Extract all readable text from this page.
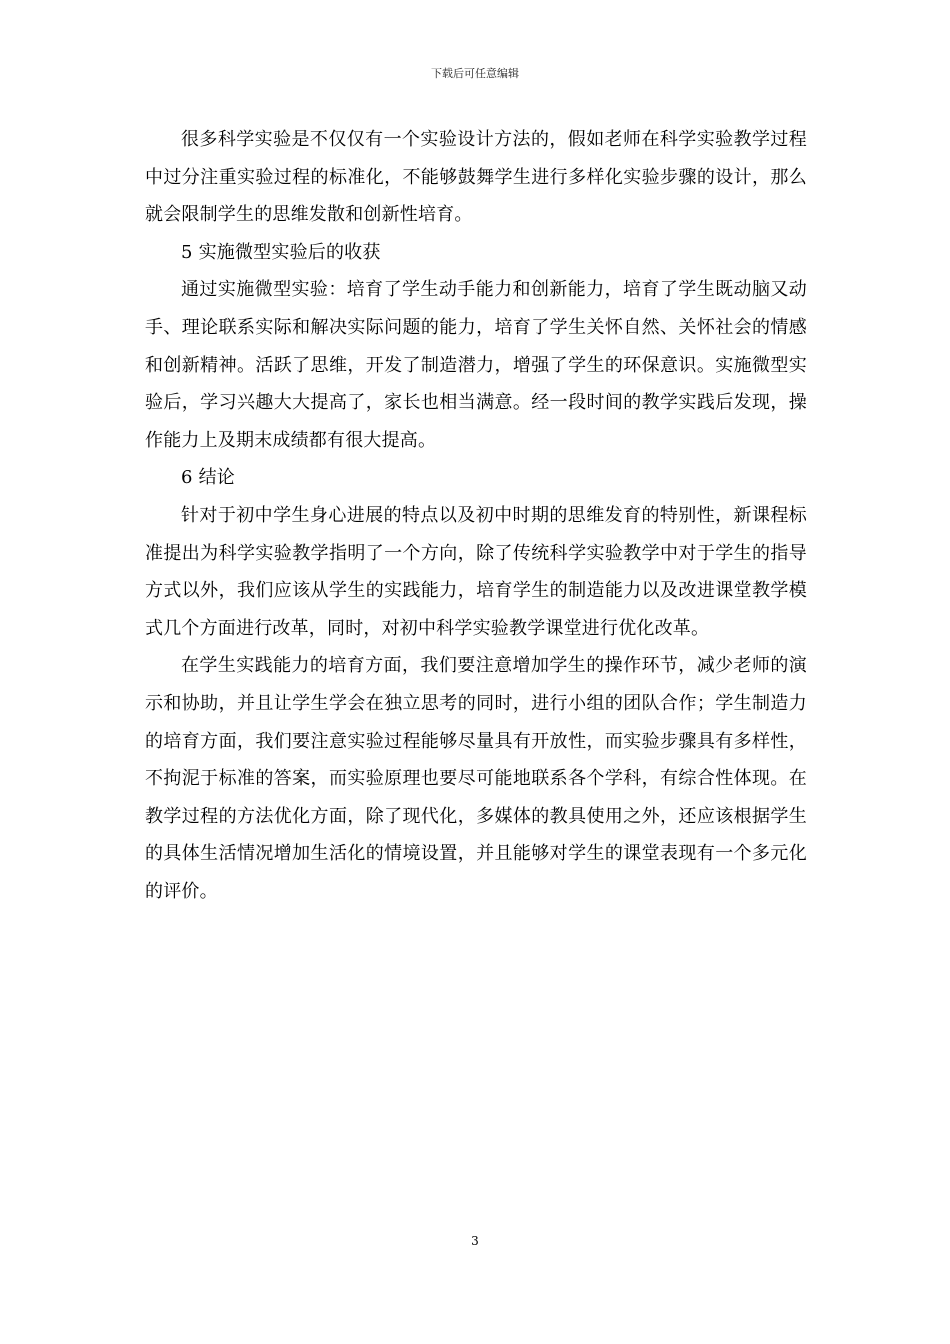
下载后可任意编辑

很多科学实验是不仅仅有一个实验设计方法的，假如老师在科学实验教学过程中过分注重实验过程的标准化，不能够鼓舞学生进行多样化实验步骤的设计，那么就会限制学生的思维发散和创新性培育。

5 实施微型实验后的收获

通过实施微型实验：培育了学生动手能力和创新能力，培育了学生既动脑又动手、理论联系实际和解决实际问题的能力，培育了学生关怀自然、关怀社会的情感和创新精神。活跃了思维，开发了制造潜力，增强了学生的环保意识。实施微型实验后，学习兴趣大大提高了，家长也相当满意。经一段时间的教学实践后发现，操作能力上及期末成绩都有很大提高。

6 结论

针对于初中学生身心进展的特点以及初中时期的思维发育的特别性，新课程标准提出为科学实验教学指明了一个方向，除了传统科学实验教学中对于学生的指导方式以外，我们应该从学生的实践能力，培育学生的制造能力以及改进课堂教学模式几个方面进行改革，同时，对初中科学实验教学课堂进行优化改革。

在学生实践能力的培育方面，我们要注意增加学生的操作环节，减少老师的演示和协助，并且让学生学会在独立思考的同时，进行小组的团队合作；学生制造力的培育方面，我们要注意实验过程能够尽量具有开放性，而实验步骤具有多样性，不拘泥于标准的答案，而实验原理也要尽可能地联系各个学科，有综合性体现。在教学过程的方法优化方面，除了现代化，多媒体的教具使用之外，还应该根据学生的具体生活情况增加生活化的情境设置，并且能够对学生的课堂表现有一个多元化的评价。

3
